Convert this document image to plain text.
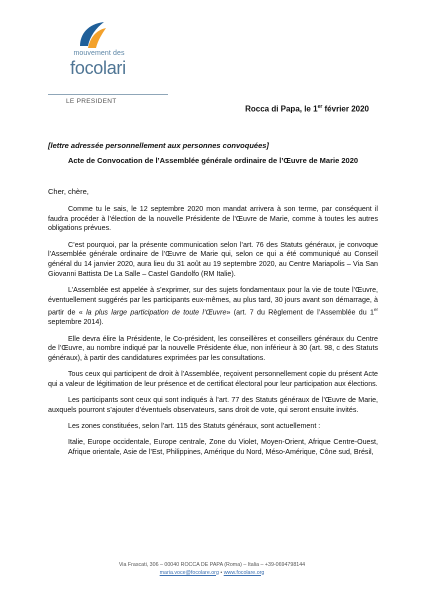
mouvement des
focolari
LE PRESIDENT
Rocca di Papa, le 1er février 2020
[lettre adressée personnellement aux personnes convoquées]
Acte de Convocation de l’Assemblée générale ordinaire de l’Œuvre de Marie 2020
Cher, chère,

Comme tu le sais, le 12 septembre 2020 mon mandat arrivera à son terme, par conséquent il faudra procéder à l’élection de la nouvelle Présidente de l’Œuvre de Marie, comme à toutes les autres obligations prévues.

C’est pourquoi, par la présente communication selon l’art. 76 des Statuts généraux, je convoque l’Assemblée générale ordinaire de l’Œuvre de Marie qui, selon ce qui a été communiqué au Conseil général du 14 janvier 2020, aura lieu du 31 août au 19 septembre 2020, au Centre Mariapolis – Via San Giovanni Battista De La Salle – Castel Gandolfo (RM Italie).

L’Assemblée est appelée à s’exprimer, sur des sujets fondamentaux pour la vie de toute l’Œuvre, éventuellement suggérés par les participants eux-mêmes, au plus tard, 30 jours avant son démarrage, à partir de « la plus large participation de toute l’Œuvre» (art. 7 du Règlement de l’Assemblée du 1er septembre 2014).

Elle devra élire la Présidente, le Co-président, les conseillères et conseillers généraux du Centre de l’Œuvre, au nombre indiqué par la nouvelle Présidente élue, non inférieur à 30 (art. 98, c des Statuts généraux), à partir des candidatures exprimées par les consultations.

Tous ceux qui participent de droit à l’Assemblée, reçoivent personnellement copie du présent Acte qui a valeur de légitimation de leur présence et de certificat électoral pour leur participation aux élections.

Les participants sont ceux qui sont indiqués à l’art. 77 des Statuts généraux de l’Œuvre de Marie, auxquels pourront s’ajouter d’éventuels observateurs, sans droit de vote, qui seront ensuite invités.

Les zones constituées, selon l’art. 115 des Statuts généraux, sont actuellement :

Italie, Europe occidentale, Europe centrale, Zone du Violet, Moyen-Orient, Afrique Centre-Ouest, Afrique orientale, Asie de l’Est, Philippines, Amérique du Nord, Méso-Amérique, Cône sud, Brésil,

Via Frascati, 306 – 00040 ROCCA DE PAPA (Roma) – Italia – +39-0694798144
maria.voce@focolare.org • www.focolare.org
